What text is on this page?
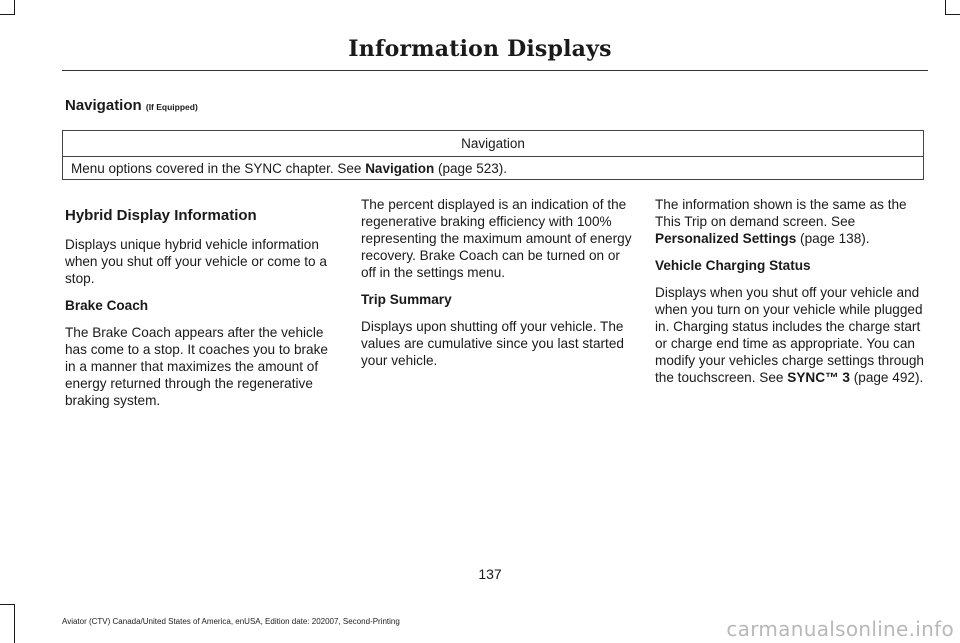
Information Displays
Navigation (If Equipped)
Navigation
Menu options covered in the SYNC chapter. See Navigation (page 523).
Hybrid Display Information

Displays unique hybrid vehicle information when you shut off your vehicle or come to a stop.

Brake Coach

The Brake Coach appears after the vehicle has come to a stop. It coaches you to brake in a manner that maximizes the amount of energy returned through the regenerative braking system.

The percent displayed is an indication of the regenerative braking efficiency with 100% representing the maximum amount of energy recovery. Brake Coach can be turned on or off in the settings menu.

Trip Summary

Displays upon shutting off your vehicle. The values are cumulative since you last started your vehicle.

The information shown is the same as the This Trip on demand screen. See Personalized Settings (page 138).

Vehicle Charging Status

Displays when you shut off your vehicle and when you turn on your vehicle while plugged in. Charging status includes the charge start or charge end time as appropriate. You can modify your vehicles charge settings through the touchscreen. See SYNC™ 3 (page 492).

137
Aviator (CTV) Canada/United States of America, enUSA, Edition date: 202007, Second-Printing	carmanualsonline.info
